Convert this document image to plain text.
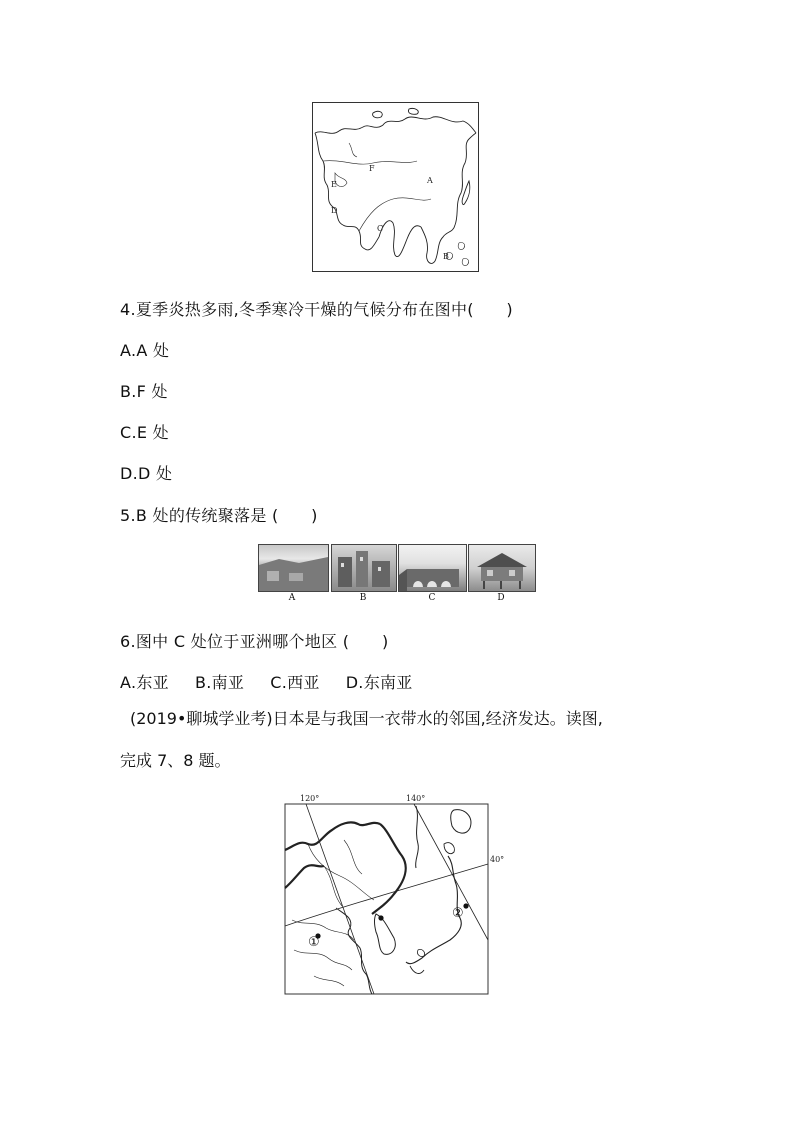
A
B
C
D
E
F
4.夏季炎热多雨,冬季寒冷干燥的气候分布在图中(　　)
A.A 处
B.F 处
C.E 处
D.D 处
5.B 处的传统聚落是 (　　)
A	B	C	D
6.图中 C 处位于亚洲哪个地区 (　　)
A.东亚 B.南亚 C.西亚 D.东南亚
(2019•聊城学业考)日本是与我国一衣带水的邻国,经济发达。读图,
完成 7、8 题。
120°	140°
40°
①
②
